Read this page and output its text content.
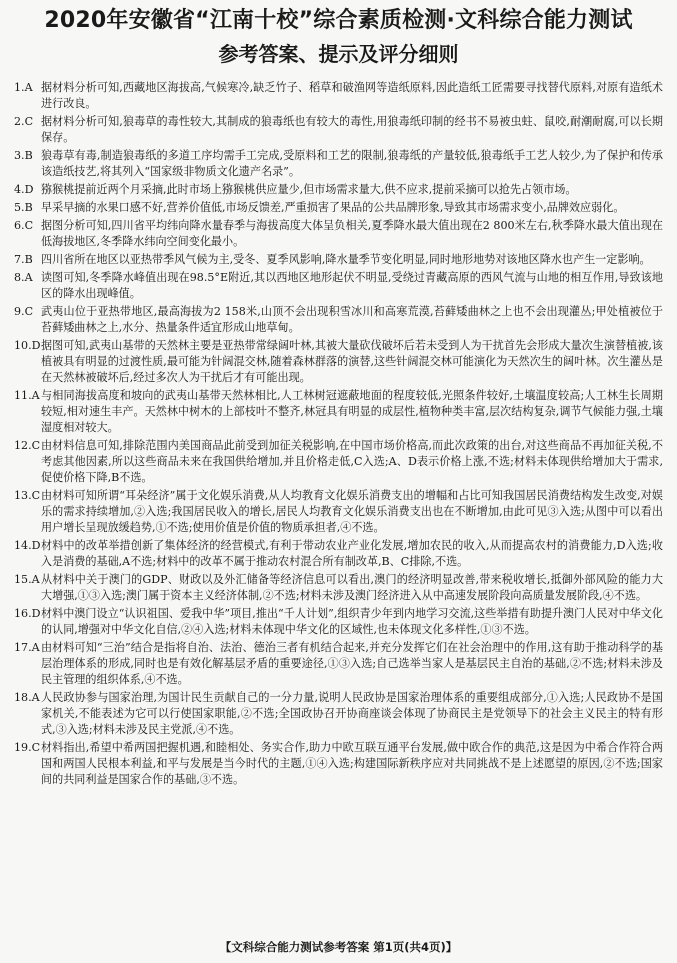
2020年安徽省“江南十校”综合素质检测·文科综合能力测试
参考答案、提示及评分细则
1.A 据材料分析可知,西藏地区海拔高,气候寒冷,缺乏竹子、稻草和破渔网等造纸原料,因此造纸工匠需要寻找替代原料,对原有造纸术进行改良。
2.C 据材料分析可知,狼毒草的毒性较大,其制成的狼毒纸也有较大的毒性,用狼毒纸印制的经书不易被虫蛀、鼠咬,耐潮耐腐,可以长期保存。
3.B 狼毒草有毒,制造狼毒纸的多道工序均需手工完成,受原料和工艺的限制,狼毒纸的产量较低,狼毒纸手工艺人较少,为了保护和传承该造纸技艺,将其列入“国家级非物质文化遗产名录”。
4.D 猕猴桃提前近两个月采摘,此时市场上猕猴桃供应量少,但市场需求量大,供不应求,提前采摘可以抢先占领市场。
5.B 早采早摘的水果口感不好,营养价值低,市场反馈差,严重损害了果品的公共品牌形象,导致其市场需求变小,品牌效应弱化。
6.C 据图分析可知,四川省平均纬向降水量春季与海拔高度大体呈负相关,夏季降水最大值出现在2 800米左右,秋季降水最大值出现在低海拔地区,冬季降水纬向空间变化最小。
7.B 四川省所在地区以亚热带季风气候为主,受冬、夏季风影响,降水量季节变化明显,同时地形地势对该地区降水也产生一定影响。
8.A 读图可知,冬季降水峰值出现在98.5°E附近,其以西地区地形起伏不明显,受绕过青藏高原的西风气流与山地的相互作用,导致该地区的降水出现峰值。
9.C 武夷山位于亚热带地区,最高海拔为2 158米,山顶不会出现积雪冰川和高寒荒漠,苔藓矮曲林之上也不会出现灌丛;甲处植被位于苔藓矮曲林之上,水分、热量条件适宜形成山地草甸。
10.D 据图可知,武夷山基带的天然林主要是亚热带常绿阔叶林,其被大量砍伐破坏后若未受到人为干扰首先会形成大量次生演替植被,该植被具有明显的过渡性质,最可能为针阔混交林,随着森林群落的演替,这些针阔混交林可能演化为天然次生的阔叶林。次生灌丛是在天然林被破坏后,经过多次人为干扰后才有可能出现。
11.A 与相同海拔高度和坡向的武夷山基带天然林相比,人工林树冠遮蔽地面的程度较低,光照条件较好,土壤温度较高;人工林生长周期较短,相对速生丰产。天然林中树木的上部枝叶不整齐,林冠具有明显的成层性,植物种类丰富,层次结构复杂,调节气候能力强,土壤湿度相对较大。
12.C 由材料信息可知,排除范围内美国商品此前受到加征关税影响,在中国市场价格高,而此次政策的出台,对这些商品不再加征关税,不考虑其他因素,所以这些商品未来在我国供给增加,并且价格走低,C入选;A、D表示价格上涨,不选;材料未体现供给增加大于需求,促使价格下降,B不选。
13.C 由材料可知所谓“耳朵经济”属于文化娱乐消费,从人均教育文化娱乐消费支出的增幅和占比可知我国居民消费结构发生改变,对娱乐的需求持续增加,②入选;我国居民收入的增长,居民人均教育文化娱乐消费支出也在不断增加,由此可见③入选;从图中可以看出用户增长呈现放缓趋势,①不选;使用价值是价值的物质承担者,④不选。
14.D 材料中的改革举措创新了集体经济的经营模式,有利于带动农业产业化发展,增加农民的收入,从而提高农村的消费能力,D入选;收入是消费的基础,A不选;材料中的改革不属于推动农村混合所有制改革,B、C排除,不选。
15.A 从材料中关于澳门的GDP、财政以及外汇储备等经济信息可以看出,澳门的经济明显改善,带来税收增长,抵御外部风险的能力大大增强,①③入选;澳门属于资本主义经济体制,②不选;材料未涉及澳门经济进入从中高速发展阶段向高质量发展阶段,④不选。
16.D 材料中澳门设立“认识祖国、爱我中华”项目,推出“千人计划”,组织青少年到内地学习交流,这些举措有助提升澳门人民对中华文化的认同,增强对中华文化自信,②④入选;材料未体现中华文化的区域性,也未体现文化多样性,①③不选。
17.A 由材料可知“三治”结合是指将自治、法治、德治三者有机结合起来,并充分发挥它们在社会治理中的作用,这有助于推动科学的基层治理体系的形成,同时也是有效化解基层矛盾的重要途径,①③入选;自己选举当家人是基层民主自治的基础,②不选;材料未涉及民主管理的组织体系,④不选。
18.A 人民政协参与国家治理,为国计民生贡献自己的一分力量,说明人民政协是国家治理体系的重要组成部分,①入选;人民政协不是国家机关,不能表述为它可以行使国家职能,②不选;全国政协召开协商座谈会体现了协商民主是党领导下的社会主义民主的特有形式,③入选;材料未涉及民主党派,④不选。
19.C 材料指出,希望中希两国把握机遇,和睦相处、务实合作,助力中欧互联互通平台发展,做中欧合作的典范,这是因为中希合作符合两国和两国人民根本利益,和平与发展是当今时代的主题,①④入选;构建国际新秩序应对共同挑战不是上述愿望的原因,②不选;国家间的共同利益是国家合作的基础,③不选。
【文科综合能力测试参考答案 第1页(共4页)】
